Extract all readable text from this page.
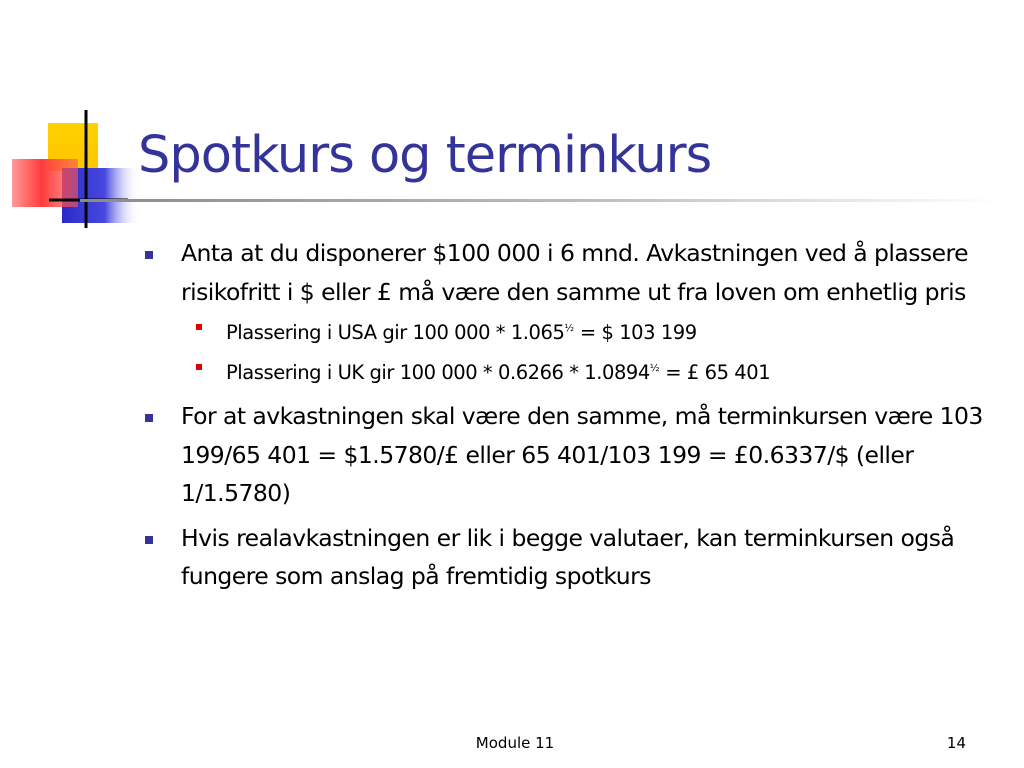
Spotkurs og terminkurs
Anta at du disponerer $100 000 i 6 mnd. Avkastningen ved å plassere risikofritt i $ eller £ må være den samme ut fra loven om enhetlig pris
Plassering i USA gir 100 $000 * 1.065^{\frac{1}{2}}$ = $ 103 199
Plassering i UK gir 100 $000 * 0.6266 * 1.0894^{\frac{1}{2}}$ = £ 65 401
For at avkastningen skal være den samme, må terminkursen være 103 199/65 401 = $1.5780/£ eller 65 401/103 199 = £0.6337/$ (eller 1/1.5780)
Hvis realavkastningen er lik i begge valutaer, kan terminkursen også fungere som anslag på fremtidig spotkurs
Module 11	14
